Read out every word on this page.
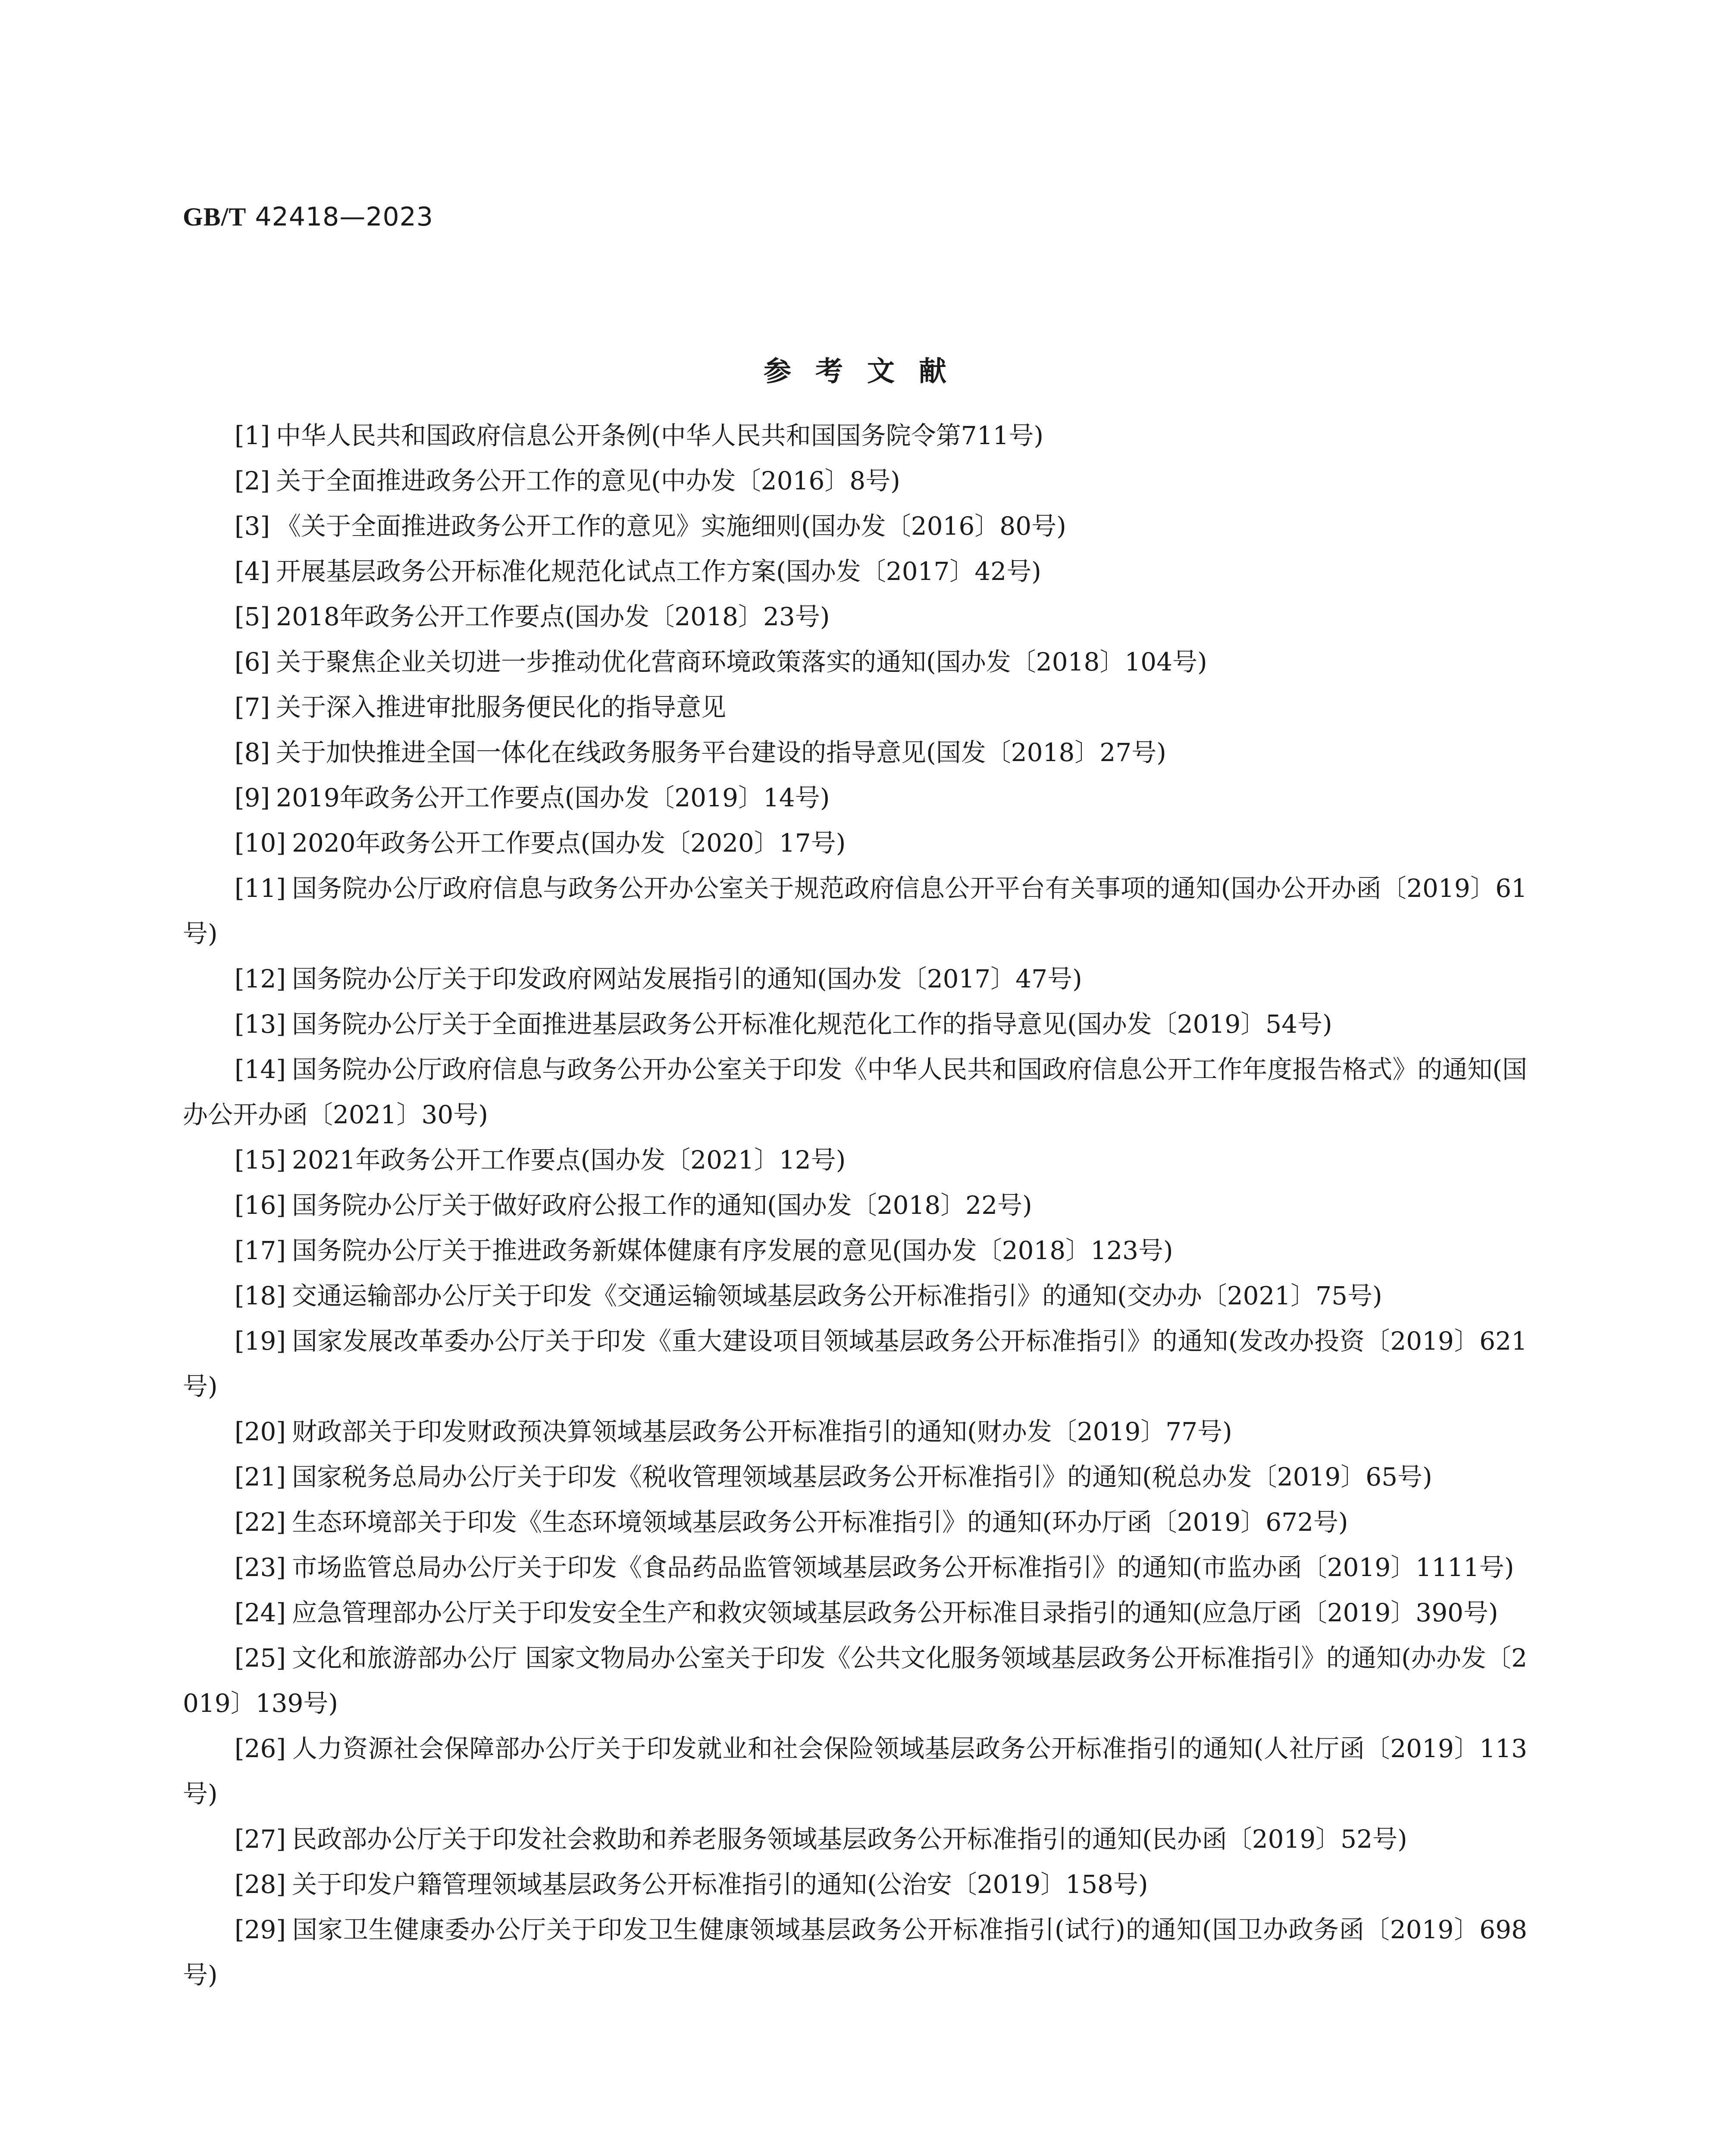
GB/T 42418—2023
参考文献
[1] 中华人民共和国政府信息公开条例(中华人民共和国国务院令第711号)
[2] 关于全面推进政务公开工作的意见(中办发〔2016〕8号)
[3] 《关于全面推进政务公开工作的意见》实施细则(国办发〔2016〕80号)
[4] 开展基层政务公开标准化规范化试点工作方案(国办发〔2017〕42号)
[5] 2018年政务公开工作要点(国办发〔2018〕23号)
[6] 关于聚焦企业关切进一步推动优化营商环境政策落实的通知(国办发〔2018〕104号)
[7] 关于深入推进审批服务便民化的指导意见
[8] 关于加快推进全国一体化在线政务服务平台建设的指导意见(国发〔2018〕27号)
[9] 2019年政务公开工作要点(国办发〔2019〕14号)
[10] 2020年政务公开工作要点(国办发〔2020〕17号)
[11] 国务院办公厅政府信息与政务公开办公室关于规范政府信息公开平台有关事项的通知(国办公开办函〔2019〕61号)
[12] 国务院办公厅关于印发政府网站发展指引的通知(国办发〔2017〕47号)
[13] 国务院办公厅关于全面推进基层政务公开标准化规范化工作的指导意见(国办发〔2019〕54号)
[14] 国务院办公厅政府信息与政务公开办公室关于印发《中华人民共和国政府信息公开工作年度报告格式》的通知(国办公开办函〔2021〕30号)
[15] 2021年政务公开工作要点(国办发〔2021〕12号)
[16] 国务院办公厅关于做好政府公报工作的通知(国办发〔2018〕22号)
[17] 国务院办公厅关于推进政务新媒体健康有序发展的意见(国办发〔2018〕123号)
[18] 交通运输部办公厅关于印发《交通运输领域基层政务公开标准指引》的通知(交办办〔2021〕75号)
[19] 国家发展改革委办公厅关于印发《重大建设项目领域基层政务公开标准指引》的通知(发改办投资〔2019〕621号)
[20] 财政部关于印发财政预决算领域基层政务公开标准指引的通知(财办发〔2019〕77号)
[21] 国家税务总局办公厅关于印发《税收管理领域基层政务公开标准指引》的通知(税总办发〔2019〕65号)
[22] 生态环境部关于印发《生态环境领域基层政务公开标准指引》的通知(环办厅函〔2019〕672号)
[23] 市场监管总局办公厅关于印发《食品药品监管领域基层政务公开标准指引》的通知(市监办函〔2019〕1111号)
[24] 应急管理部办公厅关于印发安全生产和救灾领域基层政务公开标准目录指引的通知(应急厅函〔2019〕390号)
[25] 文化和旅游部办公厅 国家文物局办公室关于印发《公共文化服务领域基层政务公开标准指引》的通知(办办发〔2019〕139号)
[26] 人力资源社会保障部办公厅关于印发就业和社会保险领域基层政务公开标准指引的通知(人社厅函〔2019〕113号)
[27] 民政部办公厅关于印发社会救助和养老服务领域基层政务公开标准指引的通知(民办函〔2019〕52号)
[28] 关于印发户籍管理领域基层政务公开标准指引的通知(公治安〔2019〕158号)
[29] 国家卫生健康委办公厅关于印发卫生健康领域基层政务公开标准指引(试行)的通知(国卫办政务函〔2019〕698号)
